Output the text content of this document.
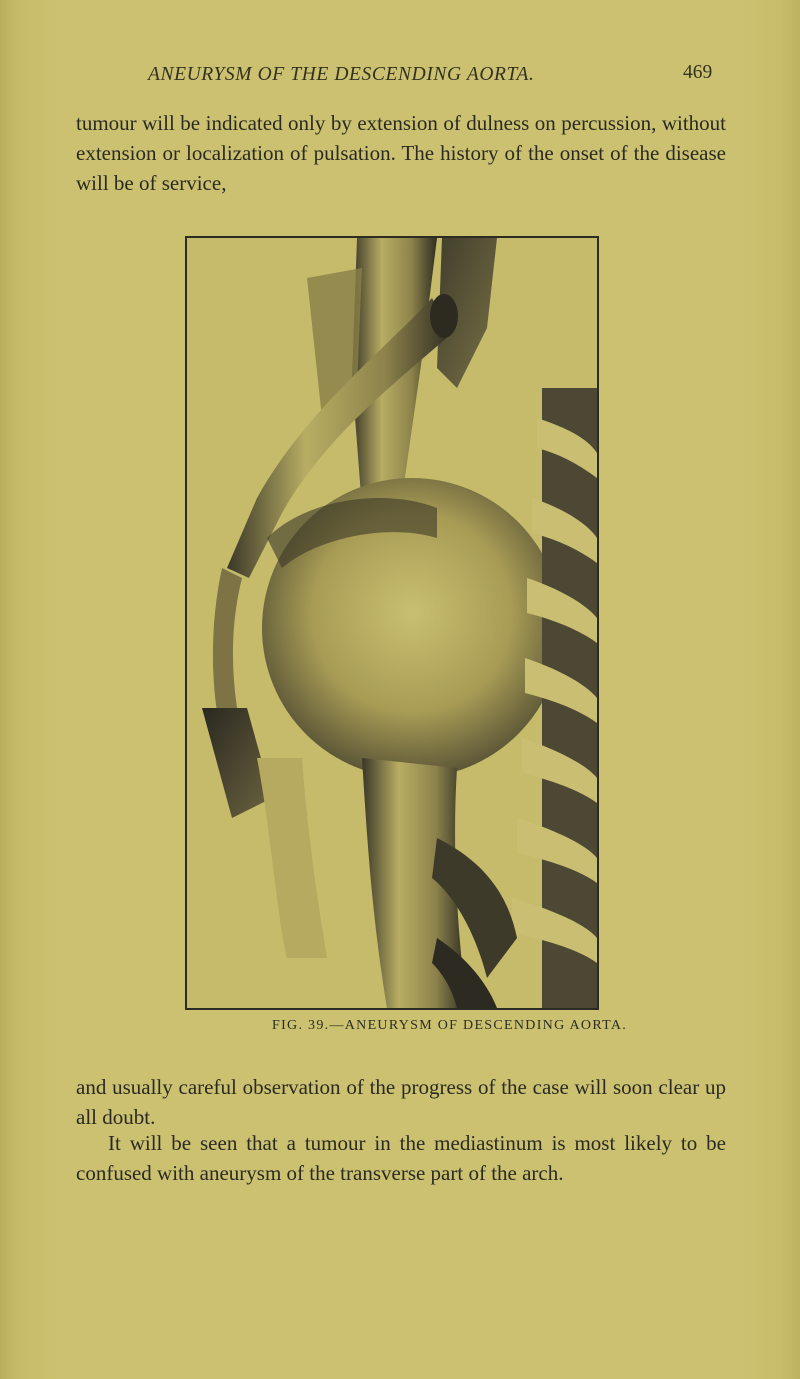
ANEURYSM OF THE DESCENDING AORTA.	469
tumour will be indicated only by extension of dulness on percussion, without extension or localization of pulsation. The history of the onset of the disease will be of service,
FIG. 39.—ANEURYSM OF DESCENDING AORTA.
and usually careful observation of the progress of the case will soon clear up all doubt.
It will be seen that a tumour in the mediastinum is most likely to be confused with aneurysm of the transverse part of the arch.
